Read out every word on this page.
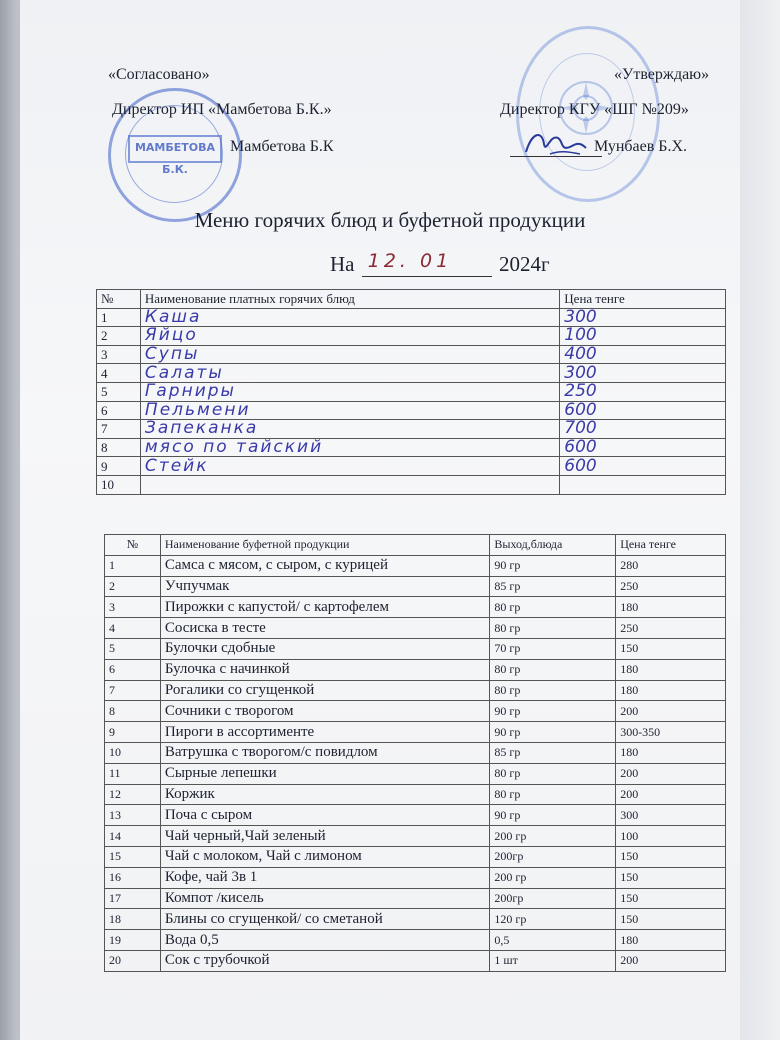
МАМБЕТОВА Б.К.
«Согласовано»
Директор ИП «Мамбетова Б.К.»
Мамбетова Б.К
«Утверждаю»
Директор КГУ «ШГ №209»
Мунбаев Б.Х.
Меню горячих блюд и буфетной продукции
На 12. 01 2024г
№	Наименование платных горячих блюд	Цена тенге
1	Каша	300
2	Яйцо	100
3	Супы	400
4	Салаты	300
5	Гарниры	250
6	Пельмени	600
7	Запеканка	700
8	мясо по тайский	600
9	Стейк	600
10		
№	Наименование буфетной продукции	Выход,блюда	Цена тенге
1	Самса с мясом, с сыром, с курицей	90 гр	280
2	Учпучмак	85 гр	250
3	Пирожки с капустой/ с картофелем	80 гр	180
4	Сосиска в тесте	80 гр	250
5	Булочки сдобные	70 гр	150
6	Булочка с начинкой	80 гр	180
7	Рогалики со сгущенкой	80 гр	180
8	Сочники с творогом	90 гр	200
9	Пироги в ассортименте	90 гр	300-350
10	Ватрушка с творогом/с повидлом	85 гр	180
11	Сырные лепешки	80 гр	200
12	Коржик	80 гр	200
13	Поча с сыром	90 гр	300
14	Чай черный,Чай зеленый	200 гр	100
15	Чай с молоком, Чай с лимоном	200гр	150
16	Кофе, чай 3в 1	200 гр	150
17	Компот /кисель	200гр	150
18	Блины со сгущенкой/ со сметаной	120 гр	150
19	Вода 0,5	0,5	180
20	Сок с трубочкой	1 шт	200
